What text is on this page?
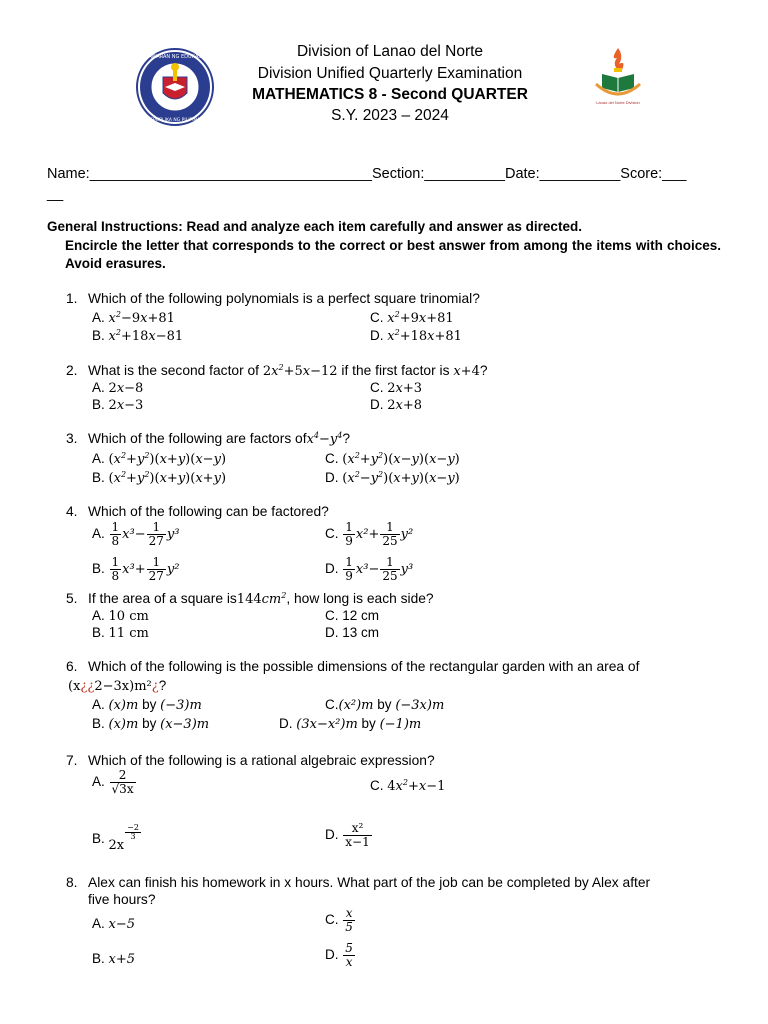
KAGAWARAN NG EDUKASYON
REPUBLIKA NG PILIPINAS
Lanao del Norte Division
Division of Lanao del Norte
Division Unified Quarterly Examination
MATHEMATICS 8 - Second QUARTER
S.Y. 2023 – 2024
Name:___________________________________Section:__________Date:__________Score:___
__
General Instructions: Read and analyze each item carefully and answer as directed.
Encircle the letter that corresponds to the correct or best answer from among the items with choices. Avoid erasures.
1. Which of the following polynomials is a perfect square trinomial?
A. $x^2-9x+81$
B. $x^2+18x-81$
C. $x^2+9x+81$
D. $x^2+18x+81$
2. What is the second factor of $2x^2+5x-12$ if the first factor is x+4?
A. 2x−8
B. 2x−3
C. 2x+3
D. 2x+8
3. Which of the following are factors $ofx^4-y^4$?
A. $(x^2+y^2)(x+y)(x-y)$
B. $(x^2+y^2)(x+y)(x+y)$
C. $(x^2+y^2)(x-y)(x-y)$
D. $(x^2-y^2)(x+y)(x-y)$
4. Which of the following can be factored?
A. $\frac{1}{8} x^3- \frac{1}{27} y^3$
B. $\frac{1}{8} x^3+ \frac{1}{27} y^2$
C. $\frac{1}{9} x^2+ \frac{1}{25} y^2$
D. $\frac{1}{9} x^3- \frac{1}{25} y^3$
5. If the area of a square $is144cm^2$, how long is each side?
A. 10 cm
B. 11 cm
C. 12 cm
D. 13 cm
6. Which of the following is the possible dimensions of the rectangular garden with an area of
(x¿¿2−3x)m²¿?
A. (x)m by (−3)m
B. (x)m by (x−3)m
C.(x²)m by (−3x)m
D. (3x−x²)m by (−1)m
7. Which of the following is a rational algebraic expression?
A. $\frac{2}{√3x}$
B. 2x
$\frac{-2}{3}$
C. $4x^2+x-1$
D. $\frac{\text{x²}}{x-1}$
8. Alex can finish his homework in x hours. What part of the job can be completed by Alex after
five hours?
A. x−5
B. x+5
C. $\frac{x}{5}$
D. $\frac{5}{x}$
